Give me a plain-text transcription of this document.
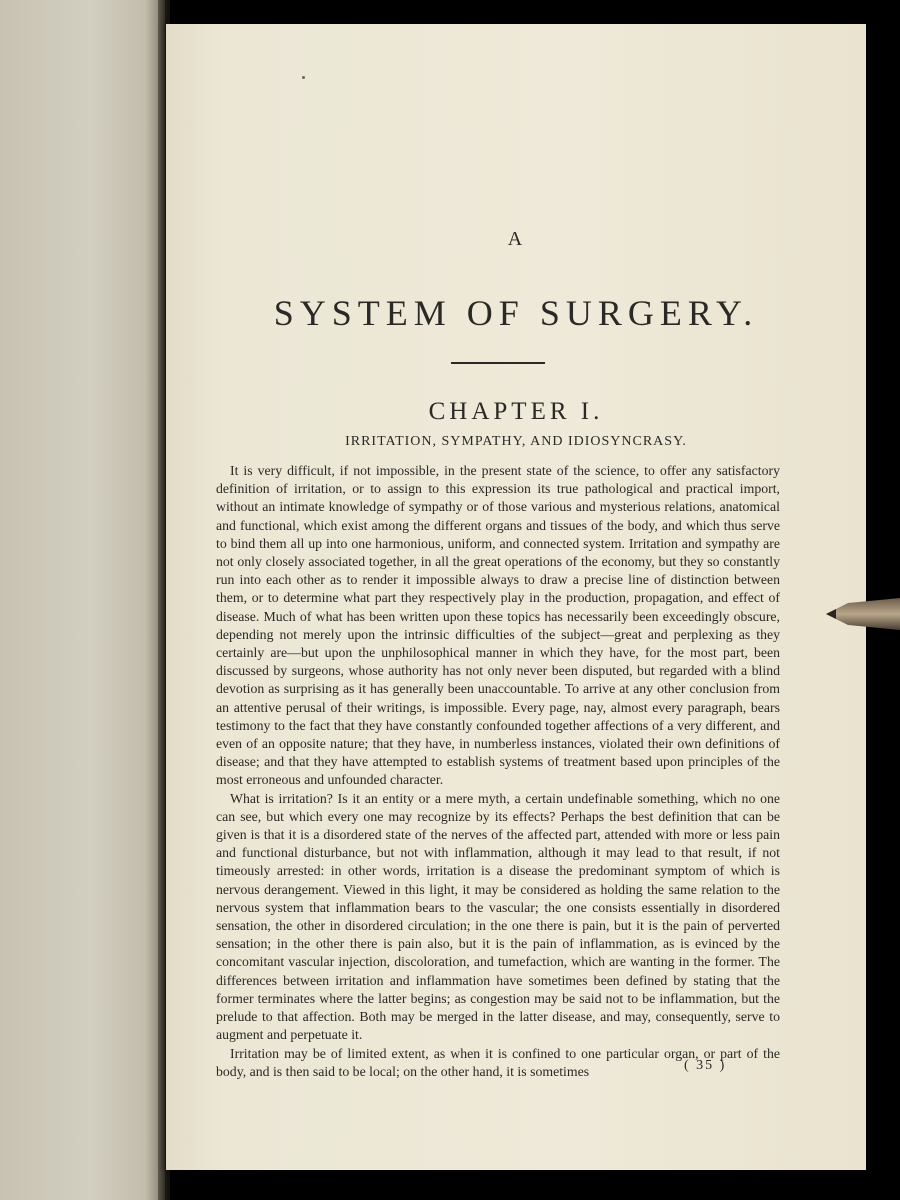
A
SYSTEM OF SURGERY.
CHAPTER I.
IRRITATION, SYMPATHY, AND IDIOSYNCRASY.

It is very difficult, if not impossible, in the present state of the science, to offer any satisfactory definition of irritation, or to assign to this expression its true pathological and practical import, without an intimate knowledge of sympathy or of those various and mysterious relations, anatomical and functional, which exist among the different organs and tissues of the body, and which thus serve to bind them all up into one harmonious, uniform, and connected system. Irritation and sympathy are not only closely associated together, in all the great operations of the economy, but they so constantly run into each other as to render it impossible always to draw a precise line of distinction between them, or to determine what part they respectively play in the production, propagation, and effect of disease. Much of what has been written upon these topics has necessarily been exceedingly obscure, depending not merely upon the intrinsic difficulties of the subject—great and perplexing as they certainly are—but upon the unphilosophical manner in which they have, for the most part, been discussed by surgeons, whose authority has not only never been disputed, but regarded with a blind devotion as surprising as it has generally been unaccountable. To arrive at any other conclusion from an attentive perusal of their writings, is impossible. Every page, nay, almost every paragraph, bears testimony to the fact that they have constantly confounded together affections of a very different, and even of an opposite nature; that they have, in numberless instances, violated their own definitions of disease; and that they have attempted to establish systems of treatment based upon principles of the most erroneous and unfounded character.

What is irritation? Is it an entity or a mere myth, a certain undefinable something, which no one can see, but which every one may recognize by its effects? Perhaps the best definition that can be given is that it is a disordered state of the nerves of the affected part, attended with more or less pain and functional disturbance, but not with inflammation, although it may lead to that result, if not timeously arrested: in other words, irritation is a disease the predominant symptom of which is nervous derangement. Viewed in this light, it may be considered as holding the same relation to the nervous system that inflammation bears to the vascular; the one consists essentially in disordered sensation, the other in disordered circulation; in the one there is pain, but it is the pain of perverted sensation; in the other there is pain also, but it is the pain of inflammation, as is evinced by the concomitant vascular injection, discoloration, and tumefaction, which are wanting in the former. The differences between irritation and inflammation have sometimes been defined by stating that the former terminates where the latter begins; as congestion may be said not to be inflammation, but the prelude to that affection. Both may be merged in the latter disease, and may, consequently, serve to augment and perpetuate it.

Irritation may be of limited extent, as when it is confined to one particular organ, or part of the body, and is then said to be local; on the other hand, it is sometimes	( 35 )
